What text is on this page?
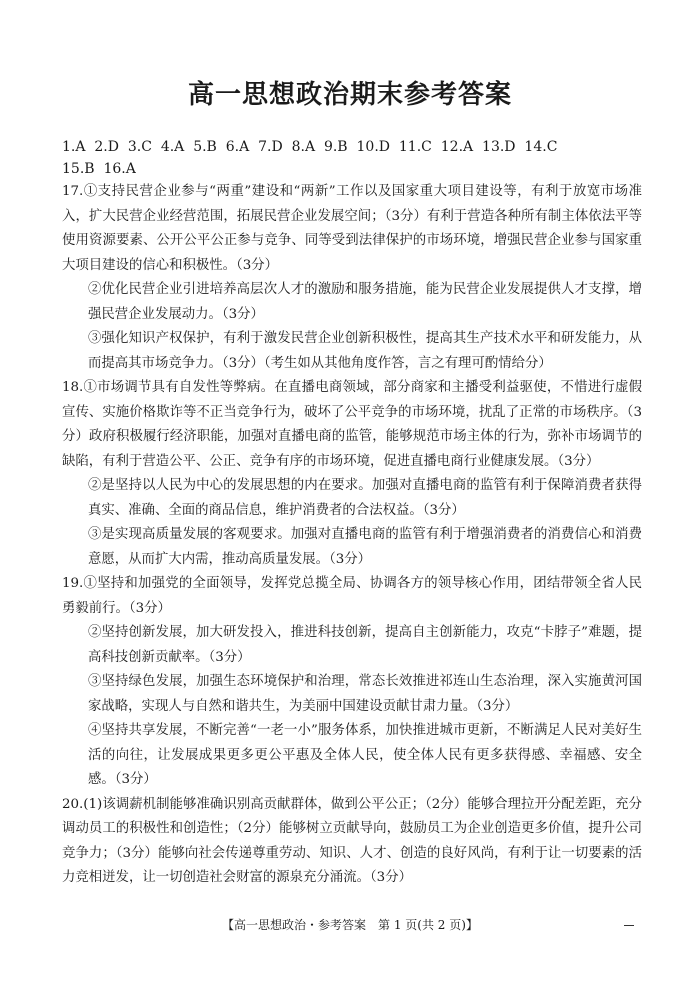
高一思想政治期末参考答案
1.A  2.D  3.C  4.A  5.B  6.A  7.D  8.A  9.B  10.D  11.C  12.A  13.D  14.C
15.B  16.A

17.①支持民营企业参与“两重”建设和“两新”工作以及国家重大项目建设等，有利于放宽市场准入，扩大民营企业经营范围，拓展民营企业发展空间；（3分）有利于营造各种所有制主体依法平等使用资源要素、公开公平公正参与竞争、同等受到法律保护的市场环境，增强民营企业参与国家重大项目建设的信心和积极性。（3分）

②优化民营企业引进培养高层次人才的激励和服务措施，能为民营企业发展提供人才支撑，增强民营企业发展动力。（3分）

③强化知识产权保护，有利于激发民营企业创新积极性，提高其生产技术水平和研发能力，从而提高其市场竞争力。（3分）（考生如从其他角度作答，言之有理可酌情给分）

18.①市场调节具有自发性等弊病。在直播电商领域，部分商家和主播受利益驱使，不惜进行虚假宣传、实施价格欺诈等不正当竞争行为，破坏了公平竞争的市场环境，扰乱了正常的市场秩序。（3分）政府积极履行经济职能，加强对直播电商的监管，能够规范市场主体的行为，弥补市场调节的缺陷，有利于营造公平、公正、竞争有序的市场环境，促进直播电商行业健康发展。（3分）

②是坚持以人民为中心的发展思想的内在要求。加强对直播电商的监管有利于保障消费者获得真实、准确、全面的商品信息，维护消费者的合法权益。（3分）

③是实现高质量发展的客观要求。加强对直播电商的监管有利于增强消费者的消费信心和消费意愿，从而扩大内需，推动高质量发展。（3分）

19.①坚持和加强党的全面领导，发挥党总揽全局、协调各方的领导核心作用，团结带领全省人民勇毅前行。（3分）

②坚持创新发展，加大研发投入，推进科技创新，提高自主创新能力，攻克“卡脖子”难题，提高科技创新贡献率。（3分）

③坚持绿色发展，加强生态环境保护和治理，常态长效推进祁连山生态治理，深入实施黄河国家战略，实现人与自然和谐共生，为美丽中国建设贡献甘肃力量。（3分）

④坚持共享发展，不断完善“一老一小”服务体系，加快推进城市更新，不断满足人民对美好生活的向往，让发展成果更多更公平惠及全体人民，使全体人民有更多获得感、幸福感、安全感。（3分）

20.(1)该调薪机制能够准确识别高贡献群体，做到公平公正；（2分）能够合理拉开分配差距，充分调动员工的积极性和创造性；（2分）能够树立贡献导向，鼓励员工为企业创造更多价值，提升公司竞争力；（3分）能够向社会传递尊重劳动、知识、人才、创造的良好风尚，有利于让一切要素的活力竞相迸发，让一切创造社会财富的源泉充分涌流。（3分）

【高一思想政治・参考答案　第 1 页(共 2 页)】
